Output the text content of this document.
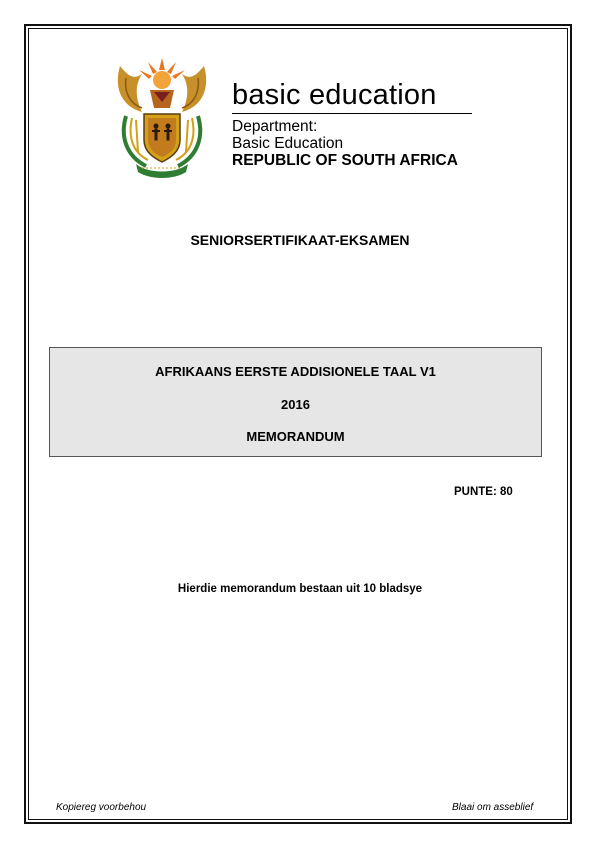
basic education
Department:
Basic Education
REPUBLIC OF SOUTH AFRICA
SENIORSERTIFIKAAT-EKSAMEN
AFRIKAANS EERSTE ADDISIONELE TAAL V1
2016
MEMORANDUM
PUNTE: 80
Hierdie memorandum bestaan uit 10 bladsye
Kopiereg voorbehou	Blaai om asseblief
